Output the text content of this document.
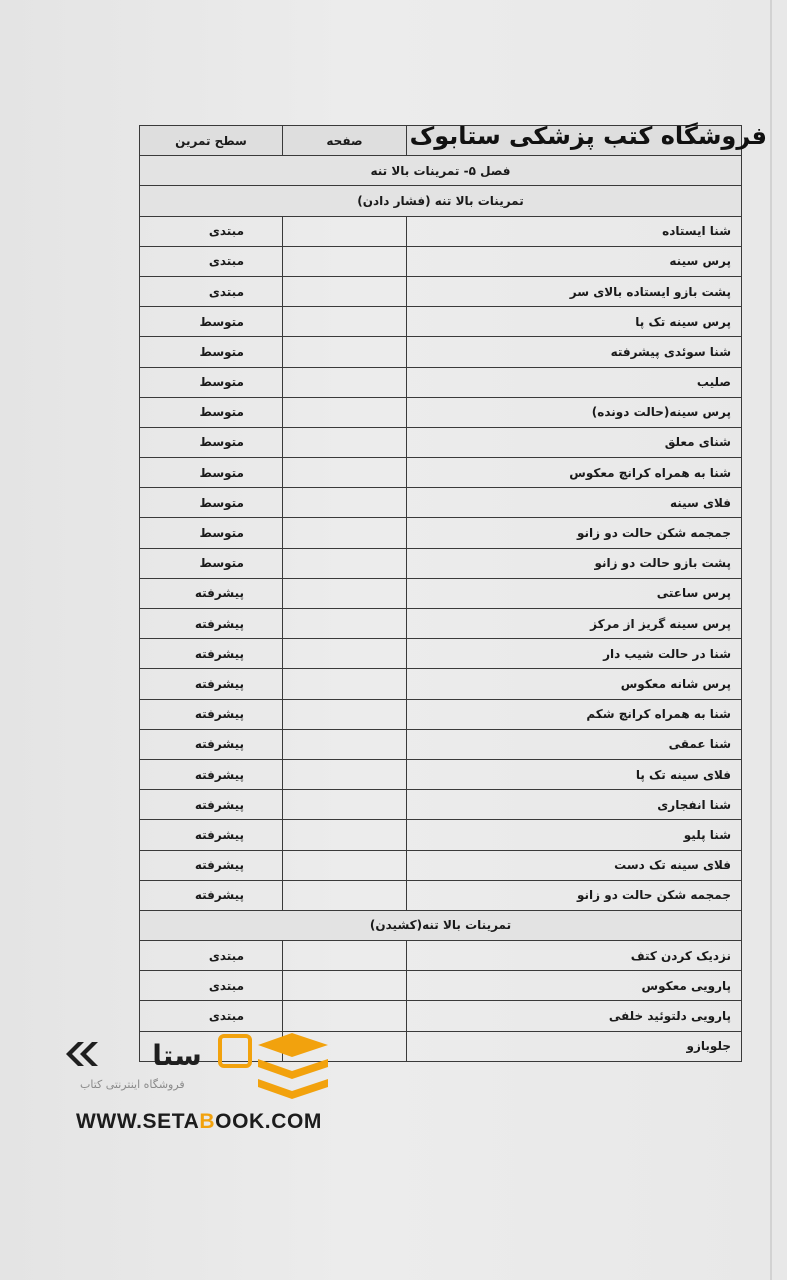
	صفحه	سطح تمرین
فصل ۵- تمرینات بالا تنه		
تمرینات بالا تنه (فشار دادن)		
شنا ایستاده		مبتدی
پرس سینه		مبتدی
پشت بازو ایستاده بالای سر		مبتدی
پرس سینه تک پا		متوسط
شنا سوئدی پیشرفته		متوسط
صلیب		متوسط
پرس سینه(حالت دونده)		متوسط
شنای معلق		متوسط
شنا به همراه کرانچ معکوس		متوسط
فلای سینه		متوسط
جمجمه شکن حالت دو زانو		متوسط
پشت بازو حالت دو زانو		متوسط
پرس ساعتی		پیشرفته
پرس سینه گریز از مرکز		پیشرفته
شنا در حالت شیب دار		پیشرفته
پرس شانه معکوس		پیشرفته
شنا به همراه کرانچ شکم		پیشرفته
شنا عمقی		پیشرفته
فلای سینه تک پا		پیشرفته
شنا انفجاری		پیشرفته
شنا پلیو		پیشرفته
فلای سینه تک دست		پیشرفته
جمجمه شکن حالت دو زانو		پیشرفته
تمرینات بالا تنه(کشیدن)		
نزدیک کردن کتف		مبتدی
پارویی معکوس		مبتدی
پارویی دلتوئید خلفی		مبتدی
جلوبازو		
فروشگاه کتب پزشکی ستابوک
ستا
فروشگاه اینترنتی کتاب
WWW.SETABOOK.COM
